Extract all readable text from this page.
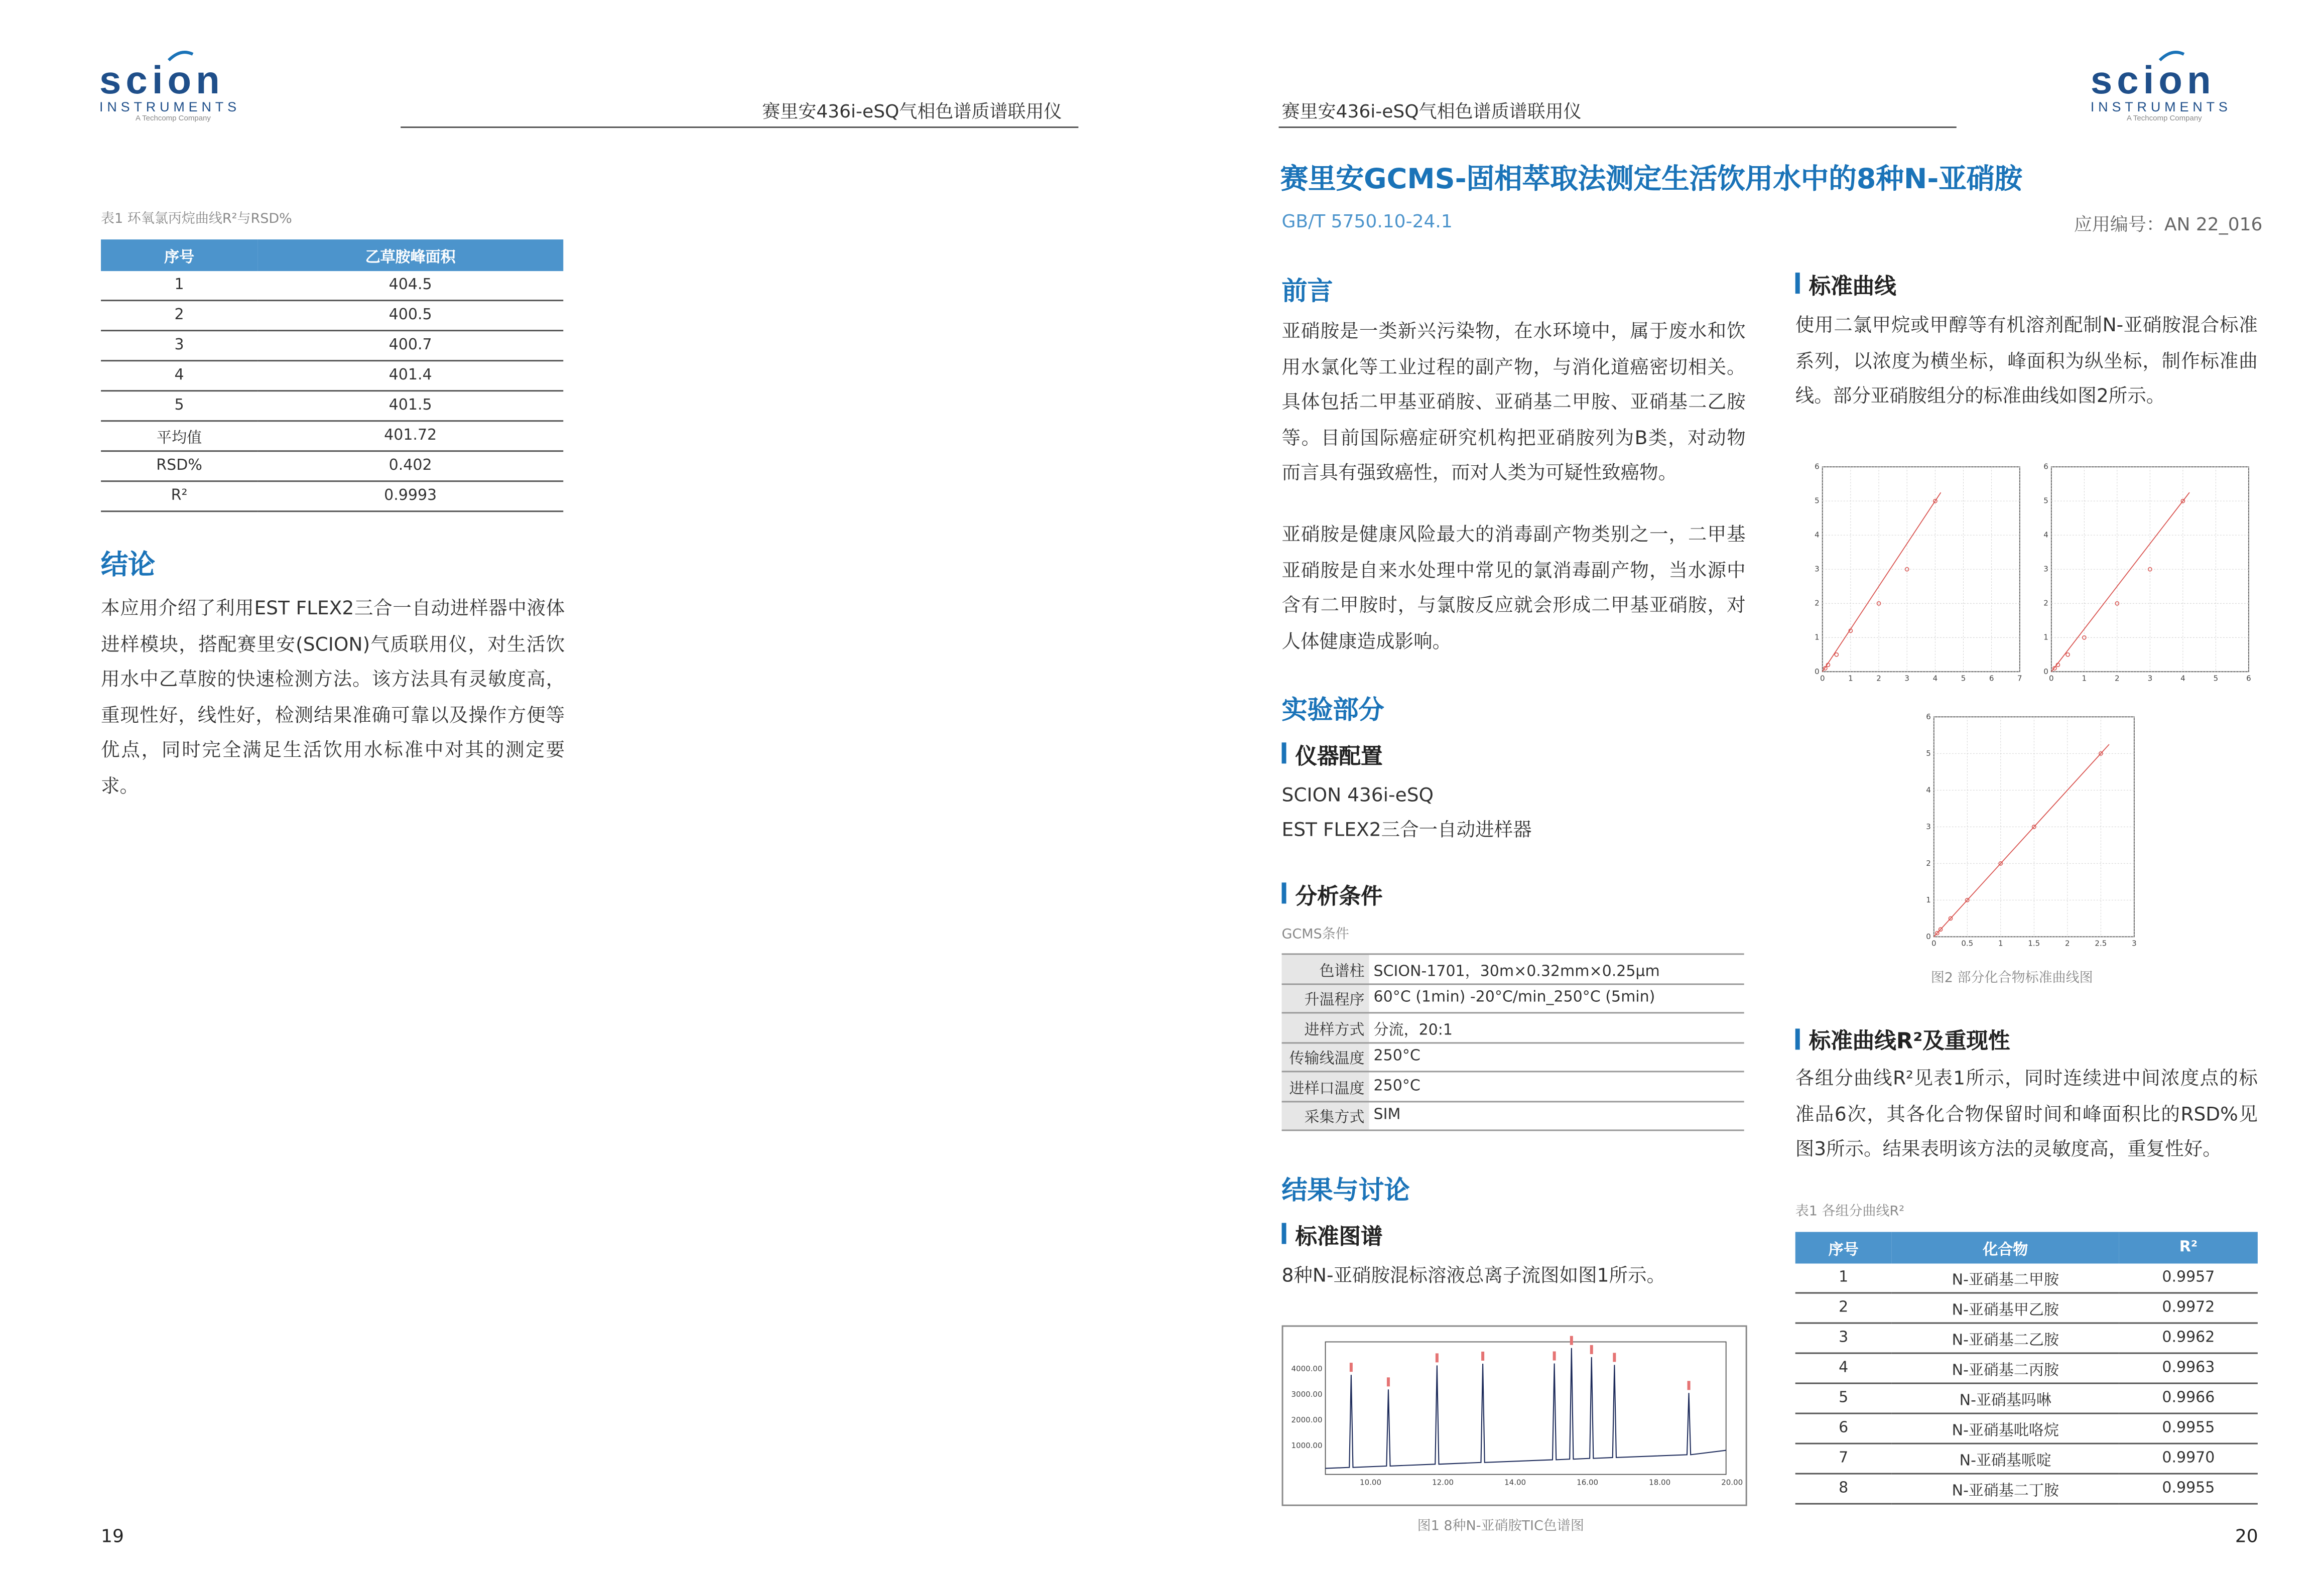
scion
INSTRUMENTS
A Techcomp Company	赛里安436i-eSQ气相色谱质谱联用仪
表1 环氧氯丙烷曲线R²与RSD%
序号	乙草胺峰面积
1	404.5
2	400.5
3	400.7
4	401.4
5	401.5
平均值	401.72
RSD%	0.402
R²	0.9993
结论
本应用介绍了利用EST FLEX2三合一自动进样器中液体进样模块，搭配赛里安(SCION)气质联用仪，对生活饮用水中乙草胺的快速检测方法。该方法具有灵敏度高，重现性好，线性好，检测结果准确可靠以及操作方便等优点，同时完全满足生活饮用水标准中对其的测定要求。
19
赛里安436i-eSQ气相色谱质谱联用仪
scion
INSTRUMENTS
A Techcomp Company
赛里安GCMS-固相萃取法测定生活饮用水中的8种N-亚硝胺
GB/T 5750.10-24.1	应用编号：AN 22_016
前言
亚硝胺是一类新兴污染物，在水环境中，属于废水和饮用水氯化等工业过程的副产物，与消化道癌密切相关。具体包括二甲基亚硝胺、亚硝基二甲胺、亚硝基二乙胺等。目前国际癌症研究机构把亚硝胺列为B类，对动物而言具有强致癌性，而对人类为可疑性致癌物。
亚硝胺是健康风险最大的消毒副产物类别之一，二甲基亚硝胺是自来水处理中常见的氯消毒副产物，当水源中含有二甲胺时，与氯胺反应就会形成二甲基亚硝胺，对人体健康造成影响。
实验部分
仪器配置
SCION 436i-eSQ
EST FLEX2三合一自动进样器
分析条件
GCMS条件
色谱柱	SCION-1701，30m×0.32mm×0.25μm
升温程序	60°C (1min) -20°C/min_250°C (5min)
进样方式	分流，20:1
传输线温度	250°C
进样口温度	250°C
采集方式	SIM
结果与讨论
标准图谱
8种N-亚硝胺混标溶液总离子流图如图1所示。
4000.00
3000.00
2000.00
1000.00
10.00	12.00	14.00	16.00	18.00	20.00
图1 8种N-亚硝胺TIC色谱图
标准曲线
使用二氯甲烷或甲醇等有机溶剂配制N-亚硝胺混合标准系列，以浓度为横坐标，峰面积为纵坐标，制作标准曲线。部分亚硝胺组分的标准曲线如图2所示。
0	1	2	3	4	5	6	7
0
1
2
3
4
5
6
0	1	2	3	4	5	6
0
1
2
3
4
5
6
0	0.5	1	1.5	2	2.5	3
0
1
2
3
4
5
6
图2 部分化合物标准曲线图
标准曲线R²及重现性
各组分曲线R²见表1所示，同时连续进中间浓度点的标准品6次，其各化合物保留时间和峰面积比的RSD%见图3所示。结果表明该方法的灵敏度高，重复性好。
表1 各组分曲线R²
序号	化合物	R²
1	N-亚硝基二甲胺	0.9957
2	N-亚硝基甲乙胺	0.9972
3	N-亚硝基二乙胺	0.9962
4	N-亚硝基二丙胺	0.9963
5	N-亚硝基吗啉	0.9966
6	N-亚硝基吡咯烷	0.9955
7	N-亚硝基哌啶	0.9970
8	N-亚硝基二丁胺	0.9955
20
